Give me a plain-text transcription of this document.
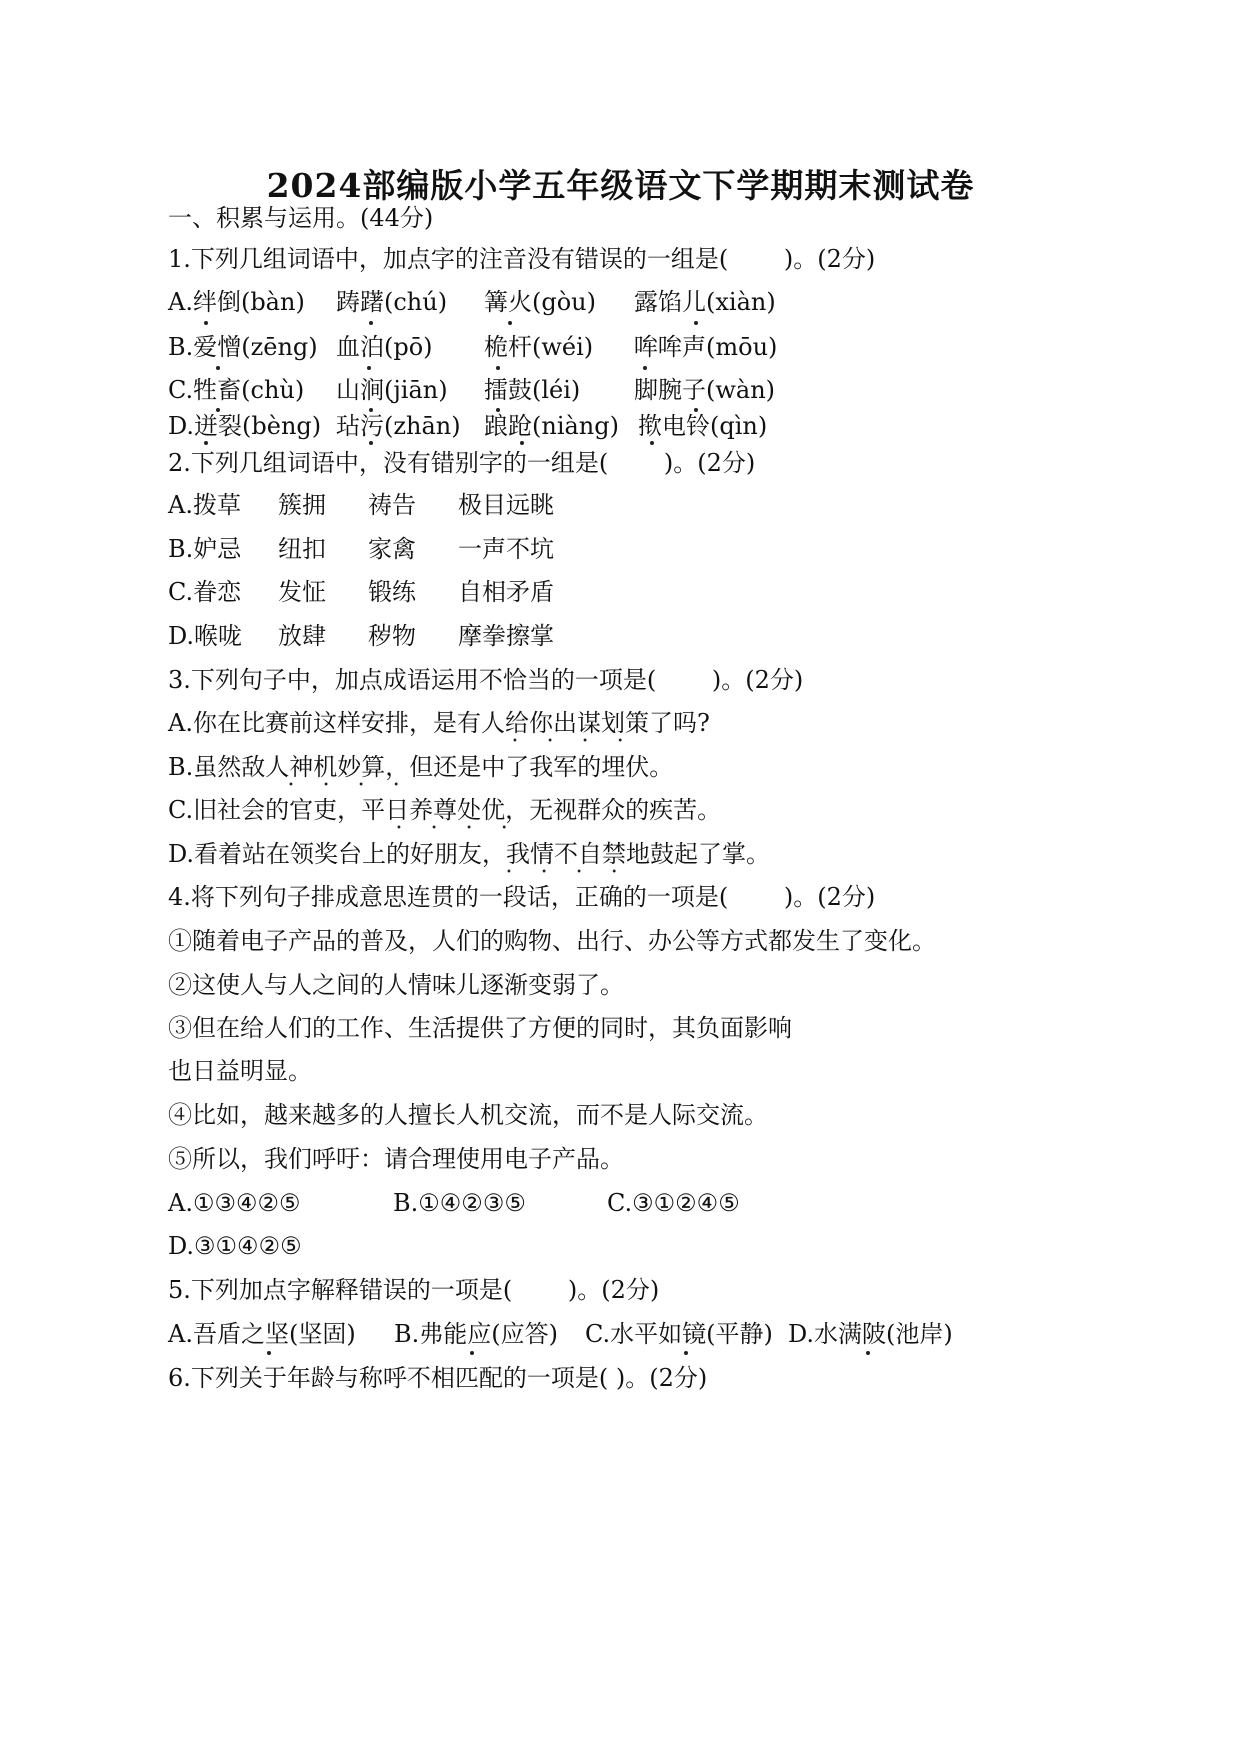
2024部编版小学五年级语文下学期期末测试卷
一、积累与运用。(44分)
1.下列几组词语中，加点字的注音没有错误的一组是(　　 )。(2分)
A.绊倒(bàn) 踌躇(chú) 篝火(gòu) 露馅儿(xiàn)
B.爱憎(zēng) 血泊(pō) 桅杆(wéi) 哞哞声(mōu)
C.牲畜(chù) 山涧(jiān) 擂鼓(léi) 脚腕子(wàn)
D.迸裂(bèng) 玷污(zhān) 踉跄(niàng) 揿电铃(qìn)
2.下列几组词语中，没有错别字的一组是(　　 )。(2分)
A.拨草 簇拥 祷告 极目远眺
B.妒忌 纽扣 家禽 一声不坑
C.眷恋 发怔 锻练 自相矛盾
D.喉咙 放肆 秽物 摩拳擦掌
3.下列句子中，加点成语运用不恰当的一项是(　　 )。(2分)
A.你在比赛前这样安排，是有人给你出谋划策了吗?
• • • •
B.虽然敌人神机妙算，但还是中了我军的埋伏。
• • • •
C.旧社会的官吏，平日养尊处优，无视群众的疾苦。
• • • •
D.看着站在领奖台上的好朋友，我情不自禁地鼓起了掌。
• • • •
4.将下列句子排成意思连贯的一段话，正确的一项是(　　 )。(2分)
①随着电子产品的普及，人们的购物、出行、办公等方式都发生了变化。
②这使人与人之间的人情味儿逐渐变弱了。
③但在给人们的工作、生活提供了方便的同时，其负面影响
也日益明显。
④比如，越来越多的人擅长人机交流，而不是人际交流。
⑤所以，我们呼吁：请合理使用电子产品。
A.①③④②⑤	B.①④②③⑤	C.③①②④⑤
D.③①④②⑤
5.下列加点字解释错误的一项是(　　 )。(2分)
A.吾盾之坚(坚固) B.弗能应(应答) C.水平如镜(平静) D.水满陂(池岸)
6.下列关于年龄与称呼不相匹配的一项是( )。(2分)
